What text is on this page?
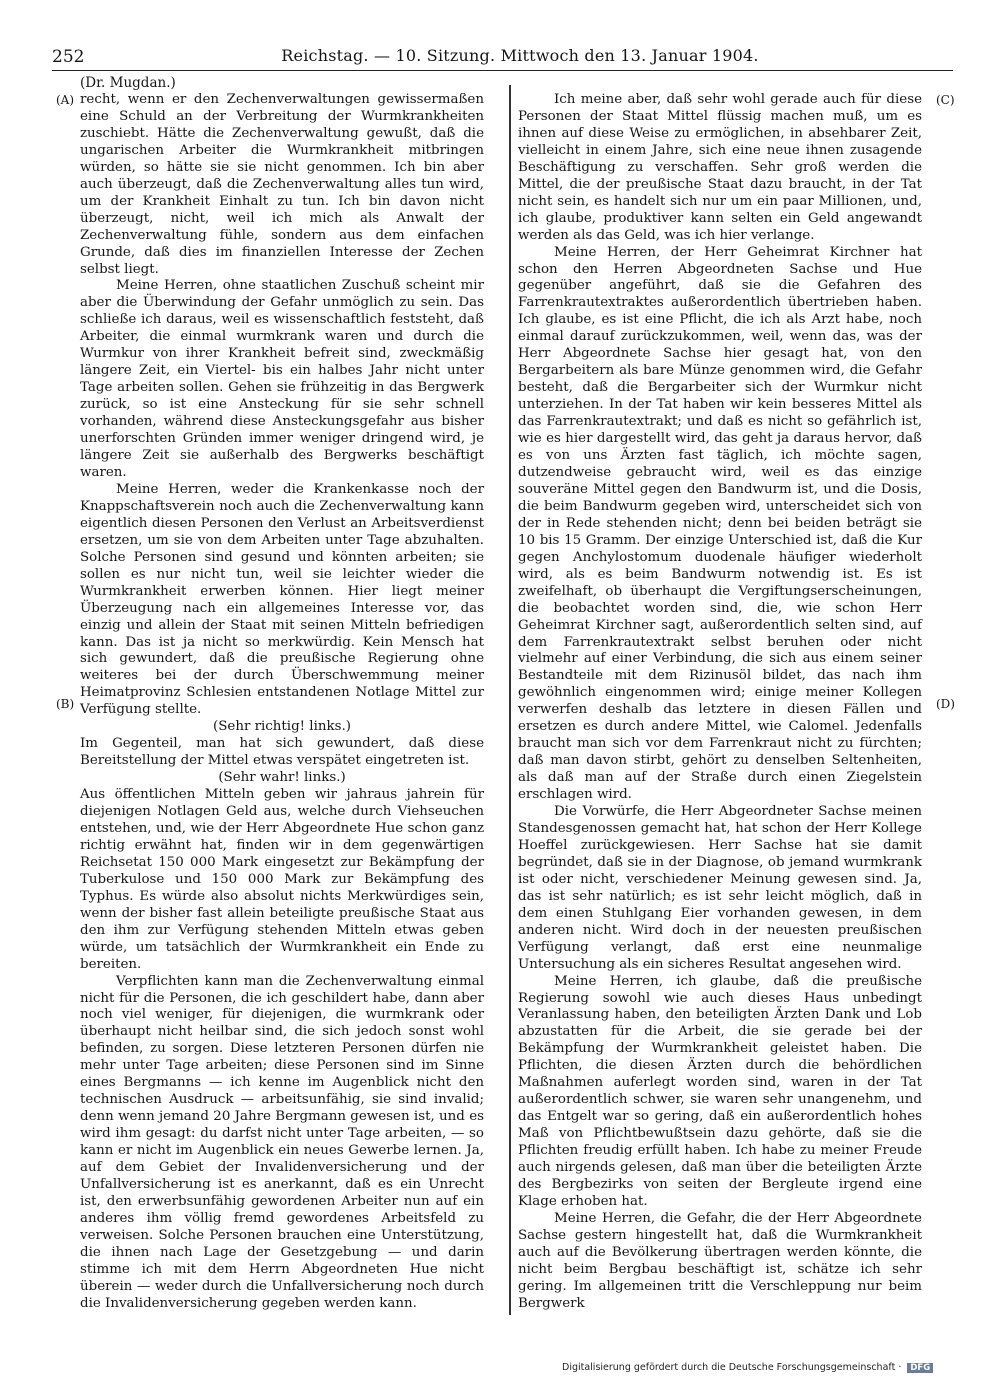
252	Reichstag. — 10. Sitzung. Mittwoch den 13. Januar 1904.
(Dr. Mugdan.)
(A)
(B)
(C)
(D)

recht, wenn er den Zechenverwaltungen gewissermaßen eine Schuld an der Verbreitung der Wurmkrankheiten zuschiebt. Hätte die Zechenverwaltung gewußt, daß die ungarischen Arbeiter die Wurmkrankheit mitbringen würden, so hätte sie sie nicht genommen. Ich bin aber auch überzeugt, daß die Zechenverwaltung alles tun wird, um der Krankheit Einhalt zu tun. Ich bin davon nicht überzeugt, nicht, weil ich mich als Anwalt der Zechenverwaltung fühle, sondern aus dem einfachen Grunde, daß dies im finanziellen Interesse der Zechen selbst liegt.

Meine Herren, ohne staatlichen Zuschuß scheint mir aber die Überwindung der Gefahr unmöglich zu sein. Das schließe ich daraus, weil es wissenschaftlich feststeht, daß Arbeiter, die einmal wurmkrank waren und durch die Wurmkur von ihrer Krankheit befreit sind, zweckmäßig längere Zeit, ein Viertel- bis ein halbes Jahr nicht unter Tage arbeiten sollen. Gehen sie frühzeitig in das Bergwerk zurück, so ist eine Ansteckung für sie sehr schnell vorhanden, während diese Ansteckungsgefahr aus bisher unerforschten Gründen immer weniger dringend wird, je längere Zeit sie außerhalb des Bergwerks beschäftigt waren.

Meine Herren, weder die Krankenkasse noch der Knappschaftsverein noch auch die Zechenverwaltung kann eigentlich diesen Personen den Verlust an Arbeitsverdienst ersetzen, um sie von dem Arbeiten unter Tage abzuhalten. Solche Personen sind gesund und könnten arbeiten; sie sollen es nur nicht tun, weil sie leichter wieder die Wurmkrankheit erwerben können. Hier liegt meiner Überzeugung nach ein allgemeines Interesse vor, das einzig und allein der Staat mit seinen Mitteln befriedigen kann. Das ist ja nicht so merkwürdig. Kein Mensch hat sich gewundert, daß die preußische Regierung ohne weiteres bei der durch Überschwemmung meiner Heimatprovinz Schlesien entstandenen Notlage Mittel zur Verfügung stellte.

(Sehr richtig! links.)

Im Gegenteil, man hat sich gewundert, daß diese Bereitstellung der Mittel etwas verspätet eingetreten ist.

(Sehr wahr! links.)

Aus öffentlichen Mitteln geben wir jahraus jahrein für diejenigen Notlagen Geld aus, welche durch Viehseuchen entstehen, und, wie der Herr Abgeordnete Hue schon ganz richtig erwähnt hat, finden wir in dem gegenwärtigen Reichsetat 150 000 Mark eingesetzt zur Bekämpfung der Tuberkulose und 150 000 Mark zur Bekämpfung des Typhus. Es würde also absolut nichts Merkwürdiges sein, wenn der bisher fast allein beteiligte preußische Staat aus den ihm zur Verfügung stehenden Mitteln etwas geben würde, um tatsächlich der Wurmkrankheit ein Ende zu bereiten.

Verpflichten kann man die Zechenverwaltung einmal nicht für die Personen, die ich geschildert habe, dann aber noch viel weniger, für diejenigen, die wurmkrank oder überhaupt nicht heilbar sind, die sich jedoch sonst wohl befinden, zu sorgen. Diese letzteren Personen dürfen nie mehr unter Tage arbeiten; diese Personen sind im Sinne eines Bergmanns — ich kenne im Augenblick nicht den technischen Ausdruck — arbeitsunfähig, sie sind invalid; denn wenn jemand 20 Jahre Bergmann gewesen ist, und es wird ihm gesagt: du darfst nicht unter Tage arbeiten, — so kann er nicht im Augenblick ein neues Gewerbe lernen. Ja, auf dem Gebiet der Invalidenversicherung und der Unfallversicherung ist es anerkannt, daß es ein Unrecht ist, den erwerbsunfähig gewordenen Arbeiter nun auf ein anderes ihm völlig fremd gewordenes Arbeitsfeld zu verweisen. Solche Personen brauchen eine Unterstützung, die ihnen nach Lage der Gesetzgebung — und darin stimme ich mit dem Herrn Abgeordneten Hue nicht überein — weder durch die Unfallversicherung noch durch die Invalidenversicherung gegeben werden kann.

Ich meine aber, daß sehr wohl gerade auch für diese Personen der Staat Mittel flüssig machen muß, um es ihnen auf diese Weise zu ermöglichen, in absehbarer Zeit, vielleicht in einem Jahre, sich eine neue ihnen zusagende Beschäftigung zu verschaffen. Sehr groß werden die Mittel, die der preußische Staat dazu braucht, in der Tat nicht sein, es handelt sich nur um ein paar Millionen, und, ich glaube, produktiver kann selten ein Geld angewandt werden als das Geld, was ich hier verlange.

Meine Herren, der Herr Geheimrat Kirchner hat schon den Herren Abgeordneten Sachse und Hue gegenüber angeführt, daß sie die Gefahren des Farrenkrautextraktes außerordentlich übertrieben haben. Ich glaube, es ist eine Pflicht, die ich als Arzt habe, noch einmal darauf zurückzukommen, weil, wenn das, was der Herr Abgeordnete Sachse hier gesagt hat, von den Bergarbeitern als bare Münze genommen wird, die Gefahr besteht, daß die Bergarbeiter sich der Wurmkur nicht unterziehen. In der Tat haben wir kein besseres Mittel als das Farrenkrautextrakt; und daß es nicht so gefährlich ist, wie es hier dargestellt wird, das geht ja daraus hervor, daß es von uns Ärzten fast täglich, ich möchte sagen, dutzendweise gebraucht wird, weil es das einzige souveräne Mittel gegen den Bandwurm ist, und die Dosis, die beim Bandwurm gegeben wird, unterscheidet sich von der in Rede stehenden nicht; denn bei beiden beträgt sie 10 bis 15 Gramm. Der einzige Unterschied ist, daß die Kur gegen Anchylostomum duodenale häufiger wiederholt wird, als es beim Bandwurm notwendig ist. Es ist zweifelhaft, ob überhaupt die Vergiftungserscheinungen, die beobachtet worden sind, die, wie schon Herr Geheimrat Kirchner sagt, außerordentlich selten sind, auf dem Farrenkrautextrakt selbst beruhen oder nicht vielmehr auf einer Verbindung, die sich aus einem seiner Bestandteile mit dem Rizinusöl bildet, das nach ihm gewöhnlich eingenommen wird; einige meiner Kollegen verwerfen deshalb das letztere in diesen Fällen und ersetzen es durch andere Mittel, wie Calomel. Jedenfalls braucht man sich vor dem Farrenkraut nicht zu fürchten; daß man davon stirbt, gehört zu denselben Seltenheiten, als daß man auf der Straße durch einen Ziegelstein erschlagen wird.

Die Vorwürfe, die Herr Abgeordneter Sachse meinen Standesgenossen gemacht hat, hat schon der Herr Kollege Hoeffel zurückgewiesen. Herr Sachse hat sie damit begründet, daß sie in der Diagnose, ob jemand wurmkrank ist oder nicht, verschiedener Meinung gewesen sind. Ja, das ist sehr natürlich; es ist sehr leicht möglich, daß in dem einen Stuhlgang Eier vorhanden gewesen, in dem anderen nicht. Wird doch in der neuesten preußischen Verfügung verlangt, daß erst eine neunmalige Untersuchung als ein sicheres Resultat angesehen wird.

Meine Herren, ich glaube, daß die preußische Regierung sowohl wie auch dieses Haus unbedingt Veranlassung haben, den beteiligten Ärzten Dank und Lob abzustatten für die Arbeit, die sie gerade bei der Bekämpfung der Wurmkrankheit geleistet haben. Die Pflichten, die diesen Ärzten durch die behördlichen Maßnahmen auferlegt worden sind, waren in der Tat außerordentlich schwer, sie waren sehr unangenehm, und das Entgelt war so gering, daß ein außerordentlich hohes Maß von Pflichtbewußtsein dazu gehörte, daß sie die Pflichten freudig erfüllt haben. Ich habe zu meiner Freude auch nirgends gelesen, daß man über die beteiligten Ärzte des Bergbezirks von seiten der Bergleute irgend eine Klage erhoben hat.

Meine Herren, die Gefahr, die der Herr Abgeordnete Sachse gestern hingestellt hat, daß die Wurmkrankheit auch auf die Bevölkerung übertragen werden könnte, die nicht beim Bergbau beschäftigt ist, schätze ich sehr gering. Im allgemeinen tritt die Verschleppung nur beim Bergwerk

Digitalisierung gefördert durch die Deutsche Forschungsgemeinschaft · DFG
